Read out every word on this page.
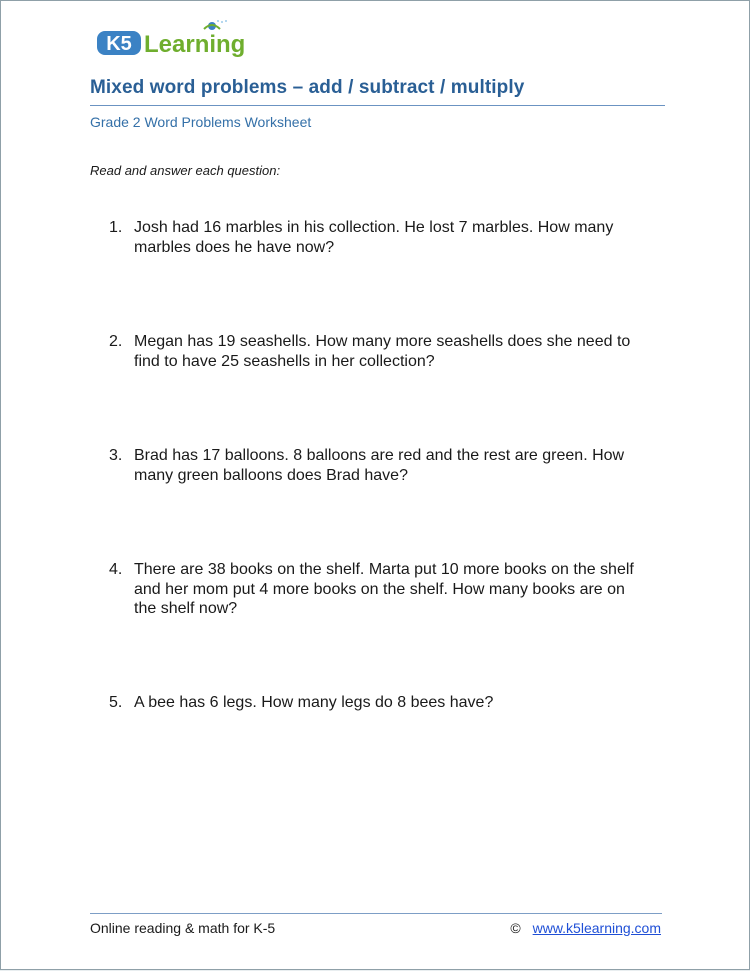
K5 Learning
Mixed word problems – add / subtract / multiply
Grade 2 Word Problems Worksheet
Read and answer each question:
1. Josh had 16 marbles in his collection. He lost 7 marbles. How many marbles does he have now?
2. Megan has 19 seashells. How many more seashells does she need to find to have 25 seashells in her collection?
3. Brad has 17 balloons. 8 balloons are red and the rest are green. How many green balloons does Brad have?
4. There are 38 books on the shelf. Marta put 10 more books on the shelf and her mom put 4 more books on the shelf. How many books are on the shelf now?
5. A bee has 6 legs. How many legs do 8 bees have?
Online reading & math for K-5	© www.k5learning.com
